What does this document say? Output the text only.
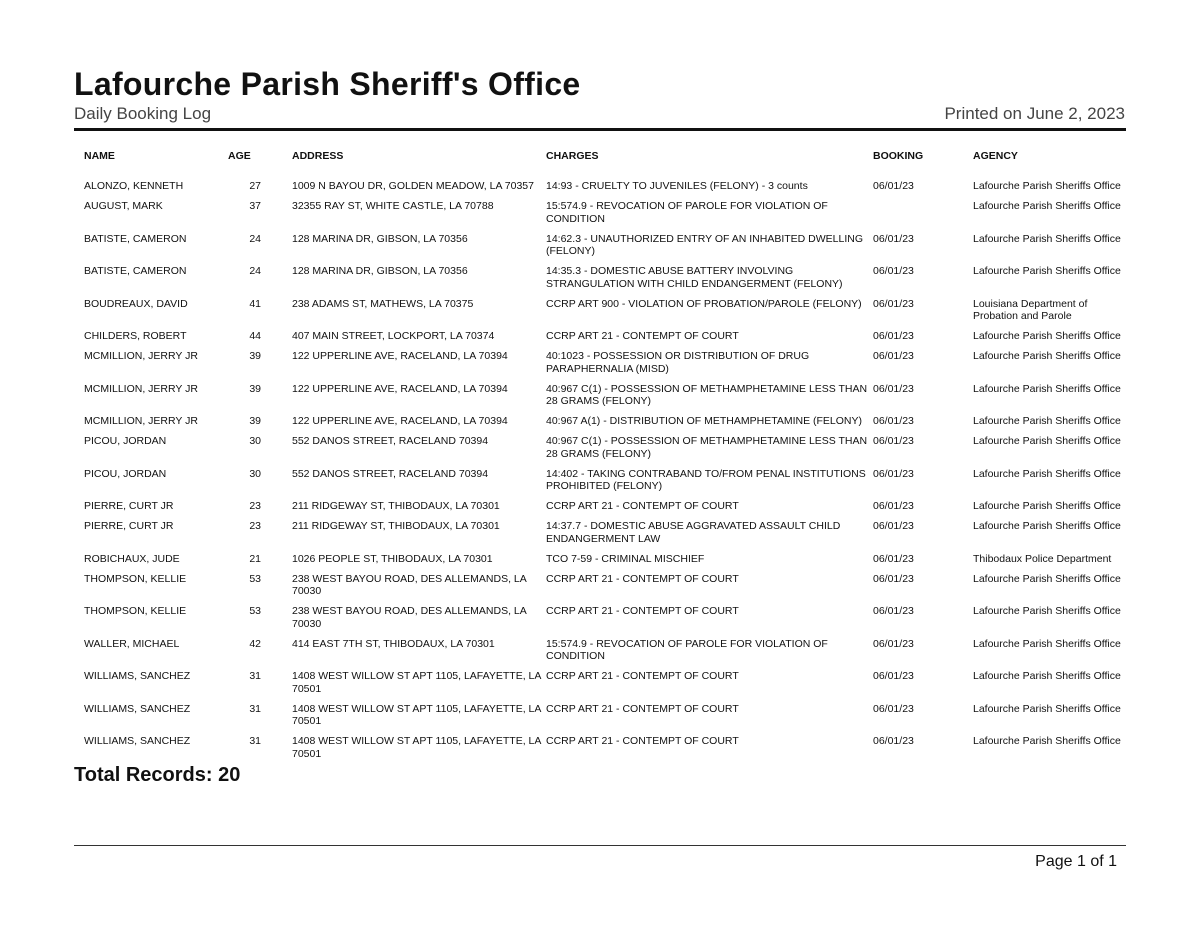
Lafourche Parish Sheriff's Office
Daily Booking Log	Printed on June 2, 2023
NAME	AGE		ADDRESS	CHARGES	BOOKING	AGENCY
ALONZO, KENNETH	27		1009 N BAYOU DR, GOLDEN MEADOW, LA 70357	14:93 - CRUELTY TO JUVENILES (FELONY) - 3 counts	06/01/23	Lafourche Parish Sheriffs Office
AUGUST, MARK	37		32355 RAY ST, WHITE CASTLE, LA 70788	15:574.9 - REVOCATION OF PAROLE FOR VIOLATION OF CONDITION		Lafourche Parish Sheriffs Office
BATISTE, CAMERON	24		128 MARINA DR, GIBSON, LA 70356	14:62.3 - UNAUTHORIZED ENTRY OF AN INHABITED DWELLING (FELONY)	06/01/23	Lafourche Parish Sheriffs Office
BATISTE, CAMERON	24		128 MARINA DR, GIBSON, LA 70356	14:35.3 - DOMESTIC ABUSE BATTERY INVOLVING STRANGULATION WITH CHILD ENDANGERMENT (FELONY)	06/01/23	Lafourche Parish Sheriffs Office
BOUDREAUX, DAVID	41		238 ADAMS ST, MATHEWS, LA 70375	CCRP ART 900 - VIOLATION OF PROBATION/PAROLE (FELONY)	06/01/23	Louisiana Department of Probation and Parole
CHILDERS, ROBERT	44		407 MAIN STREET, LOCKPORT, LA 70374	CCRP ART 21 - CONTEMPT OF COURT	06/01/23	Lafourche Parish Sheriffs Office
MCMILLION, JERRY JR	39		122 UPPERLINE AVE, RACELAND, LA 70394	40:1023 - POSSESSION OR DISTRIBUTION OF DRUG PARAPHERNALIA (MISD)	06/01/23	Lafourche Parish Sheriffs Office
MCMILLION, JERRY JR	39		122 UPPERLINE AVE, RACELAND, LA 70394	40:967 C(1) - POSSESSION OF METHAMPHETAMINE LESS THAN 28 GRAMS (FELONY)	06/01/23	Lafourche Parish Sheriffs Office
MCMILLION, JERRY JR	39		122 UPPERLINE AVE, RACELAND, LA 70394	40:967 A(1) - DISTRIBUTION OF METHAMPHETAMINE (FELONY)	06/01/23	Lafourche Parish Sheriffs Office
PICOU, JORDAN	30		552 DANOS STREET, RACELAND 70394	40:967 C(1) - POSSESSION OF METHAMPHETAMINE LESS THAN 28 GRAMS (FELONY)	06/01/23	Lafourche Parish Sheriffs Office
PICOU, JORDAN	30		552 DANOS STREET, RACELAND 70394	14:402 - TAKING CONTRABAND TO/FROM PENAL INSTITUTIONS PROHIBITED (FELONY)	06/01/23	Lafourche Parish Sheriffs Office
PIERRE, CURT JR	23		211 RIDGEWAY ST, THIBODAUX, LA 70301	CCRP ART 21 - CONTEMPT OF COURT	06/01/23	Lafourche Parish Sheriffs Office
PIERRE, CURT JR	23		211 RIDGEWAY ST, THIBODAUX, LA 70301	14:37.7 - DOMESTIC ABUSE AGGRAVATED ASSAULT CHILD ENDANGERMENT LAW	06/01/23	Lafourche Parish Sheriffs Office
ROBICHAUX, JUDE	21		1026 PEOPLE ST, THIBODAUX, LA 70301	TCO 7-59 - CRIMINAL MISCHIEF	06/01/23	Thibodaux Police Department
THOMPSON, KELLIE	53		238 WEST BAYOU ROAD, DES ALLEMANDS, LA 70030	CCRP ART 21 - CONTEMPT OF COURT	06/01/23	Lafourche Parish Sheriffs Office
THOMPSON, KELLIE	53		238 WEST BAYOU ROAD, DES ALLEMANDS, LA 70030	CCRP ART 21 - CONTEMPT OF COURT	06/01/23	Lafourche Parish Sheriffs Office
WALLER, MICHAEL	42		414 EAST 7TH ST, THIBODAUX, LA 70301	15:574.9 - REVOCATION OF PAROLE FOR VIOLATION OF CONDITION	06/01/23	Lafourche Parish Sheriffs Office
WILLIAMS, SANCHEZ	31		1408 WEST WILLOW ST APT 1105, LAFAYETTE, LA 70501	CCRP ART 21 - CONTEMPT OF COURT	06/01/23	Lafourche Parish Sheriffs Office
WILLIAMS, SANCHEZ	31		1408 WEST WILLOW ST APT 1105, LAFAYETTE, LA 70501	CCRP ART 21 - CONTEMPT OF COURT	06/01/23	Lafourche Parish Sheriffs Office
WILLIAMS, SANCHEZ	31		1408 WEST WILLOW ST APT 1105, LAFAYETTE, LA 70501	CCRP ART 21 - CONTEMPT OF COURT	06/01/23	Lafourche Parish Sheriffs Office
Total Records: 20
Page 1 of 1
